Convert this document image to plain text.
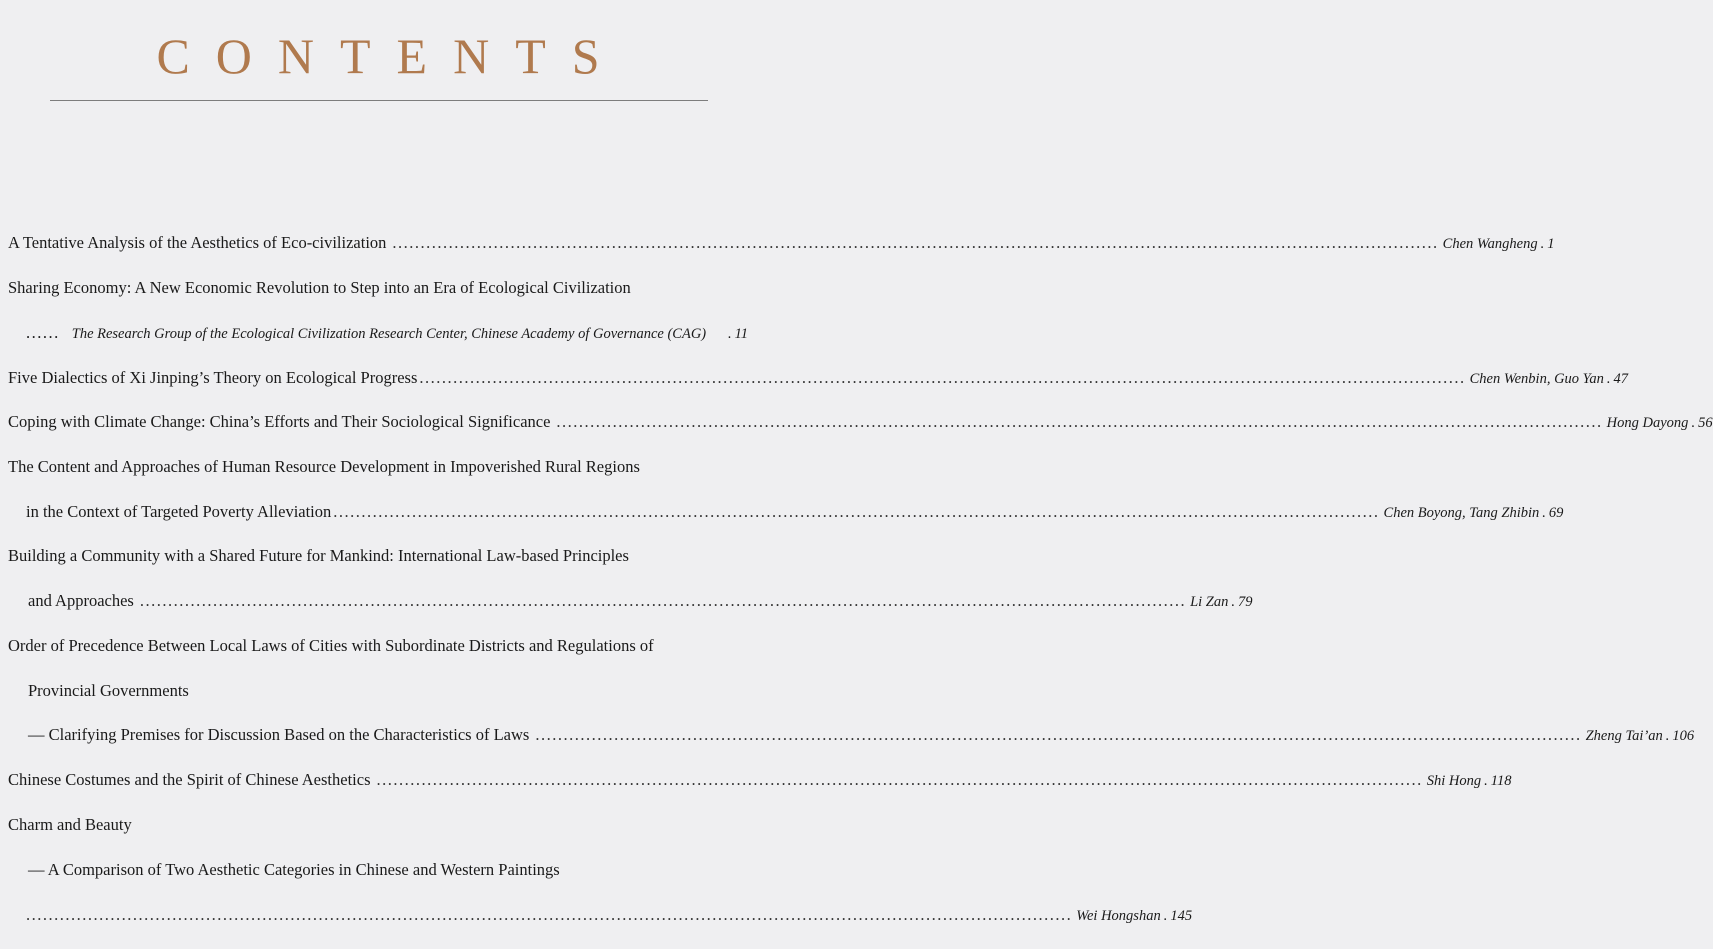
CONTENTS
A Tentative Analysis of the Aesthetics of Eco-civilization .......................................................................................................................................................................................... Chen Wangheng . 1
Sharing Economy: A New Economic Revolution to Step into an Era of Ecological Civilization
...... The Research Group of the Ecological Civilization Research Center, Chinese Academy of Governance (CAG)	. 11
Five Dialectics of Xi Jinping’s Theory on Ecological Progress .......................................................................................................................................................................................... Chen Wenbin, Guo Yan . 47
Coping with Climate Change: China’s Efforts and Their Sociological Significance .......................................................................................................................................................................................... Hong Dayong . 56
The Content and Approaches of Human Resource Development in Impoverished Rural Regions
in the Context of Targeted Poverty Alleviation .......................................................................................................................................................................................... Chen Boyong, Tang Zhibin . 69
Building a Community with a Shared Future for Mankind: International Law-based Principles
and Approaches .......................................................................................................................................................................................... Li Zan . 79
Order of Precedence Between Local Laws of Cities with Subordinate Districts and Regulations of
Provincial Governments
— Clarifying Premises for Discussion Based on the Characteristics of Laws .......................................................................................................................................................................................... Zheng Tai’an . 106
Chinese Costumes and the Spirit of Chinese Aesthetics .......................................................................................................................................................................................... Shi Hong . 118
Charm and Beauty
— A Comparison of Two Aesthetic Categories in Chinese and Western Paintings
.......................................................................................................................................................................................... Wei Hongshan . 145
